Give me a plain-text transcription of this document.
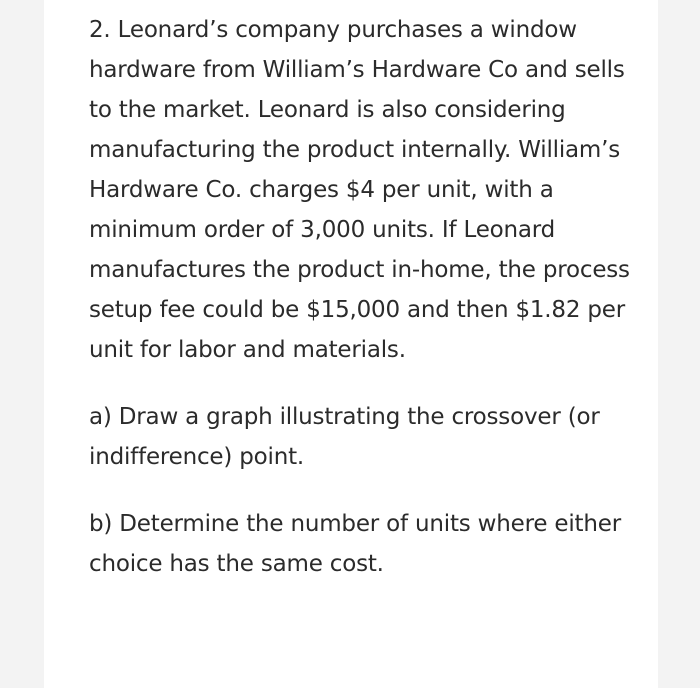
2. Leonard’s company purchases a window hardware from William’s Hardware Co and sells to the market. Leonard is also considering manufacturing the product internally. William’s Hardware Co. charges $4 per unit, with a minimum order of 3,000 units. If Leonard manufactures the product in-home, the process setup fee could be $15,000 and then $1.82 per unit for labor and materials.

a) Draw a graph illustrating the crossover (or indifference) point.

b) Determine the number of units where either choice has the same cost.
